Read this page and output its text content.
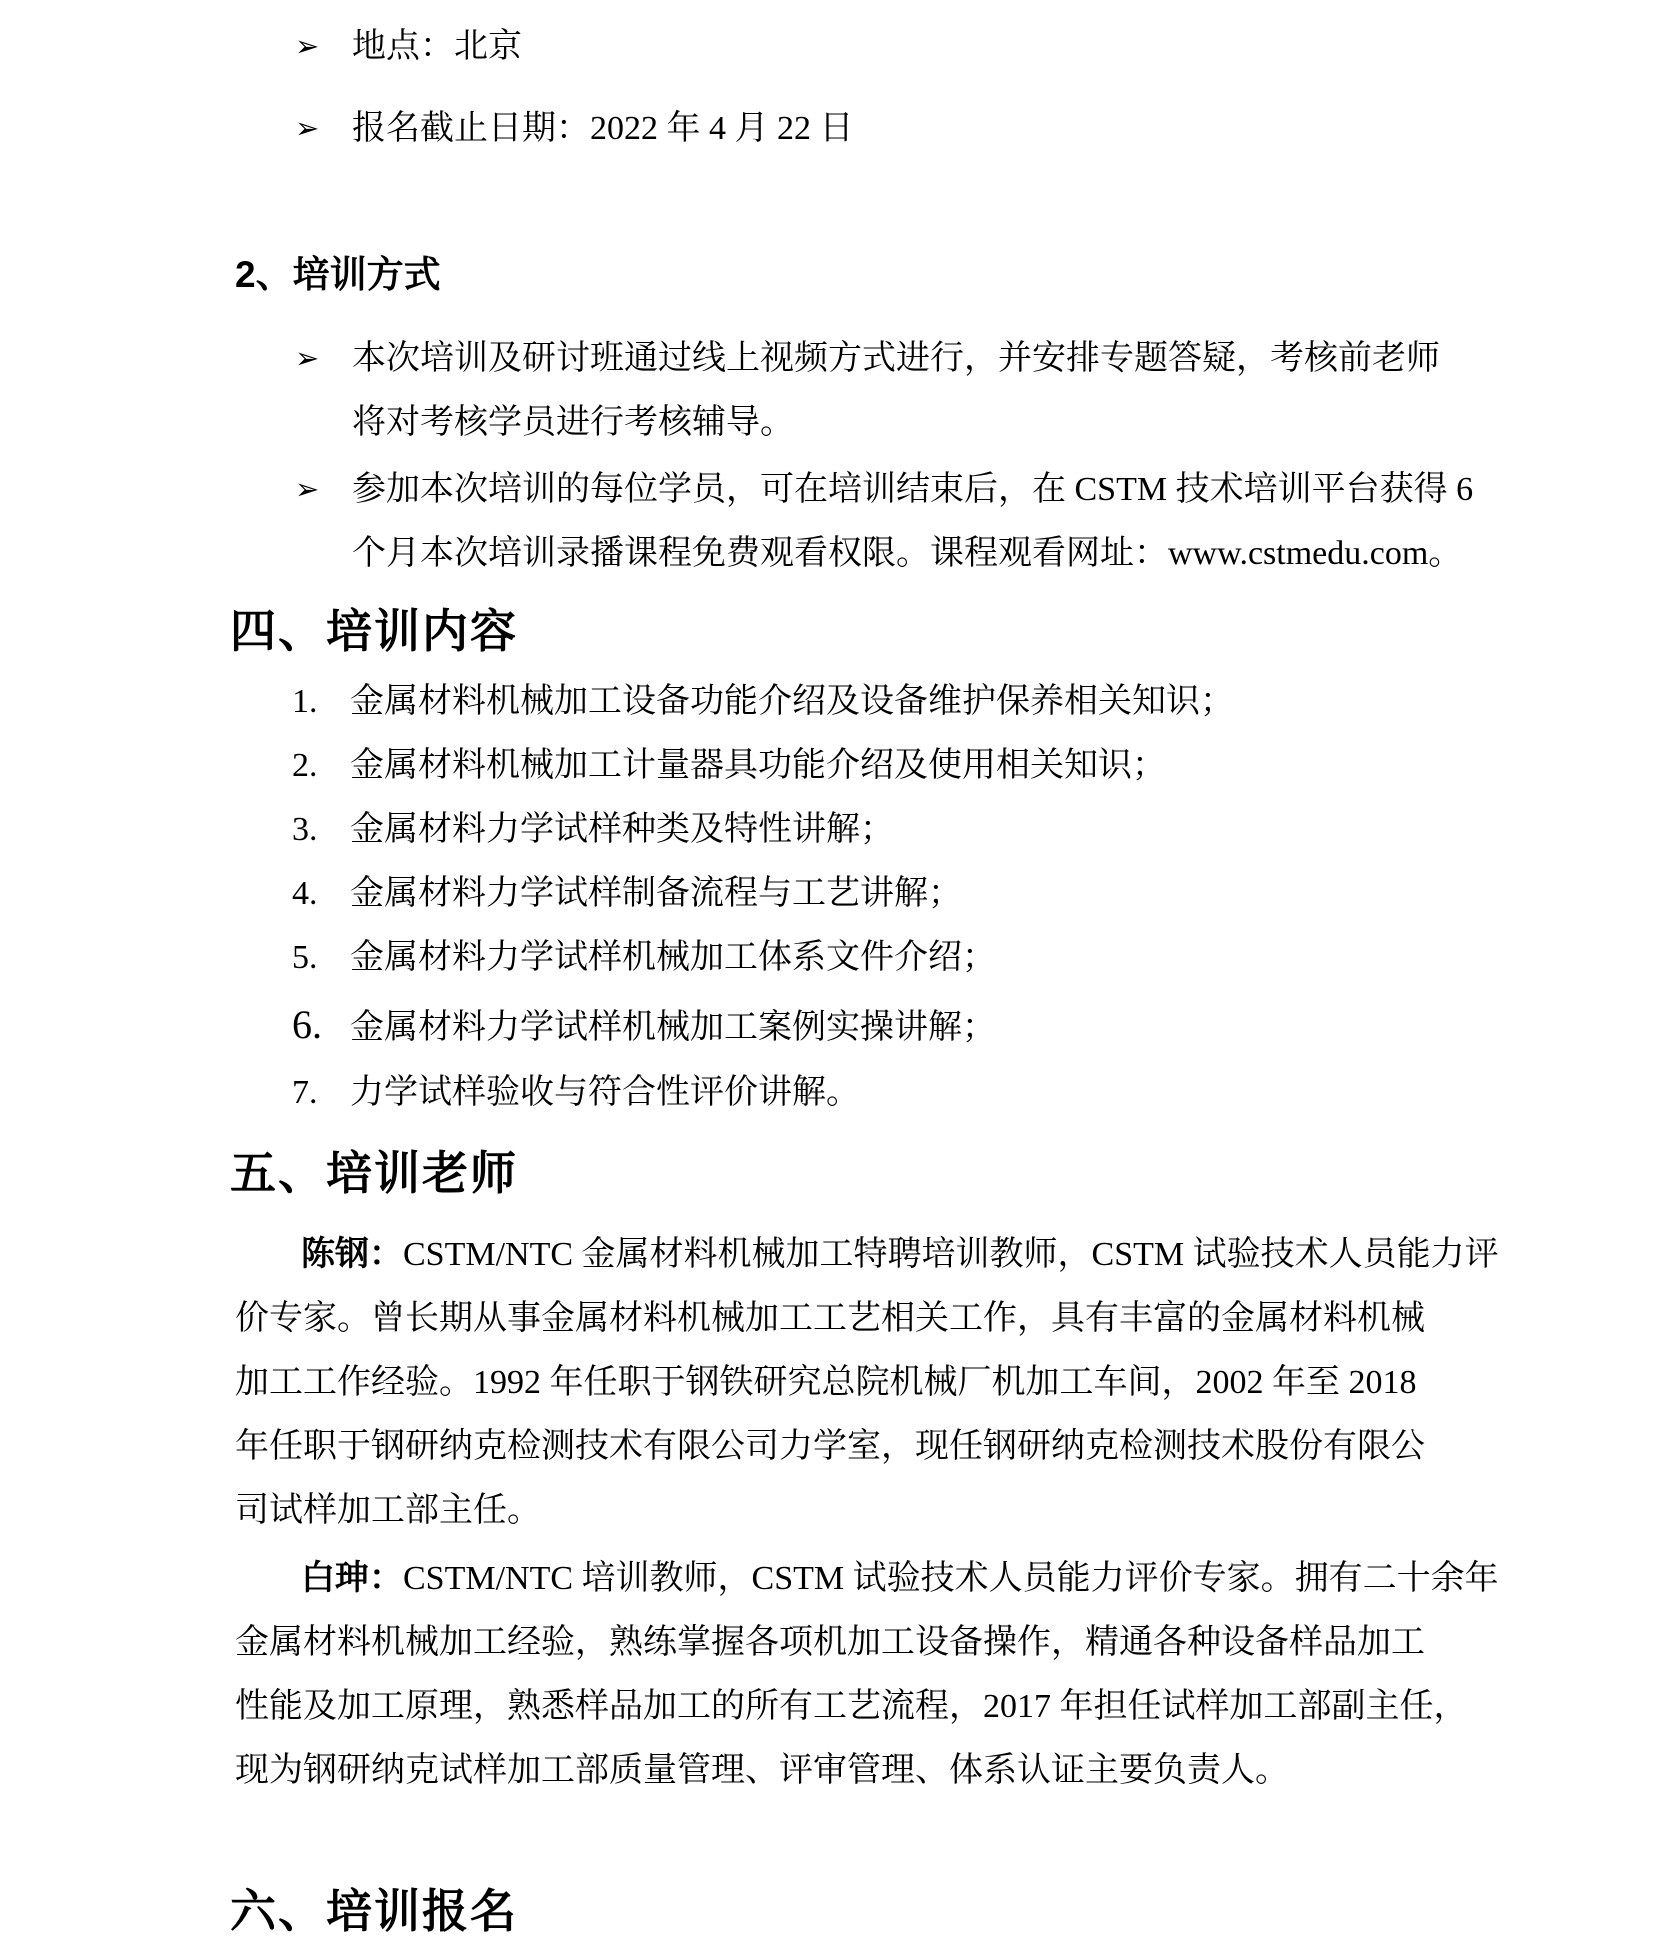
➢ 地点：北京
➢ 报名截止日期：2022 年 4 月 22 日
2、培训方式
➢ 本次培训及研讨班通过线上视频方式进行，并安排专题答疑，考核前老师
将对考核学员进行考核辅导。
➢ 参加本次培训的每位学员，可在培训结束后，在 CSTM 技术培训平台获得 6
个月本次培训录播课程免费观看权限。课程观看网址：www.cstmedu.com。
四、培训内容
1. 金属材料机械加工设备功能介绍及设备维护保养相关知识；
2. 金属材料机械加工计量器具功能介绍及使用相关知识；
3. 金属材料力学试样种类及特性讲解；
4. 金属材料力学试样制备流程与工艺讲解；
5. 金属材料力学试样机械加工体系文件介绍；
6. 金属材料力学试样机械加工案例实操讲解；
7. 力学试样验收与符合性评价讲解。
五、培训老师
陈钢：CSTM/NTC 金属材料机械加工特聘培训教师，CSTM 试验技术人员能力评
价专家。曾长期从事金属材料机械加工工艺相关工作，具有丰富的金属材料机械
加工工作经验。1992 年任职于钢铁研究总院机械厂机加工车间，2002 年至 2018
年任职于钢研纳克检测技术有限公司力学室，现任钢研纳克检测技术股份有限公
司试样加工部主任。
白珅：CSTM/NTC 培训教师，CSTM 试验技术人员能力评价专家。拥有二十余年
金属材料机械加工经验，熟练掌握各项机加工设备操作，精通各种设备样品加工
性能及加工原理，熟悉样品加工的所有工艺流程，2017 年担任试样加工部副主任，
现为钢研纳克试样加工部质量管理、评审管理、体系认证主要负责人。
六、培训报名
